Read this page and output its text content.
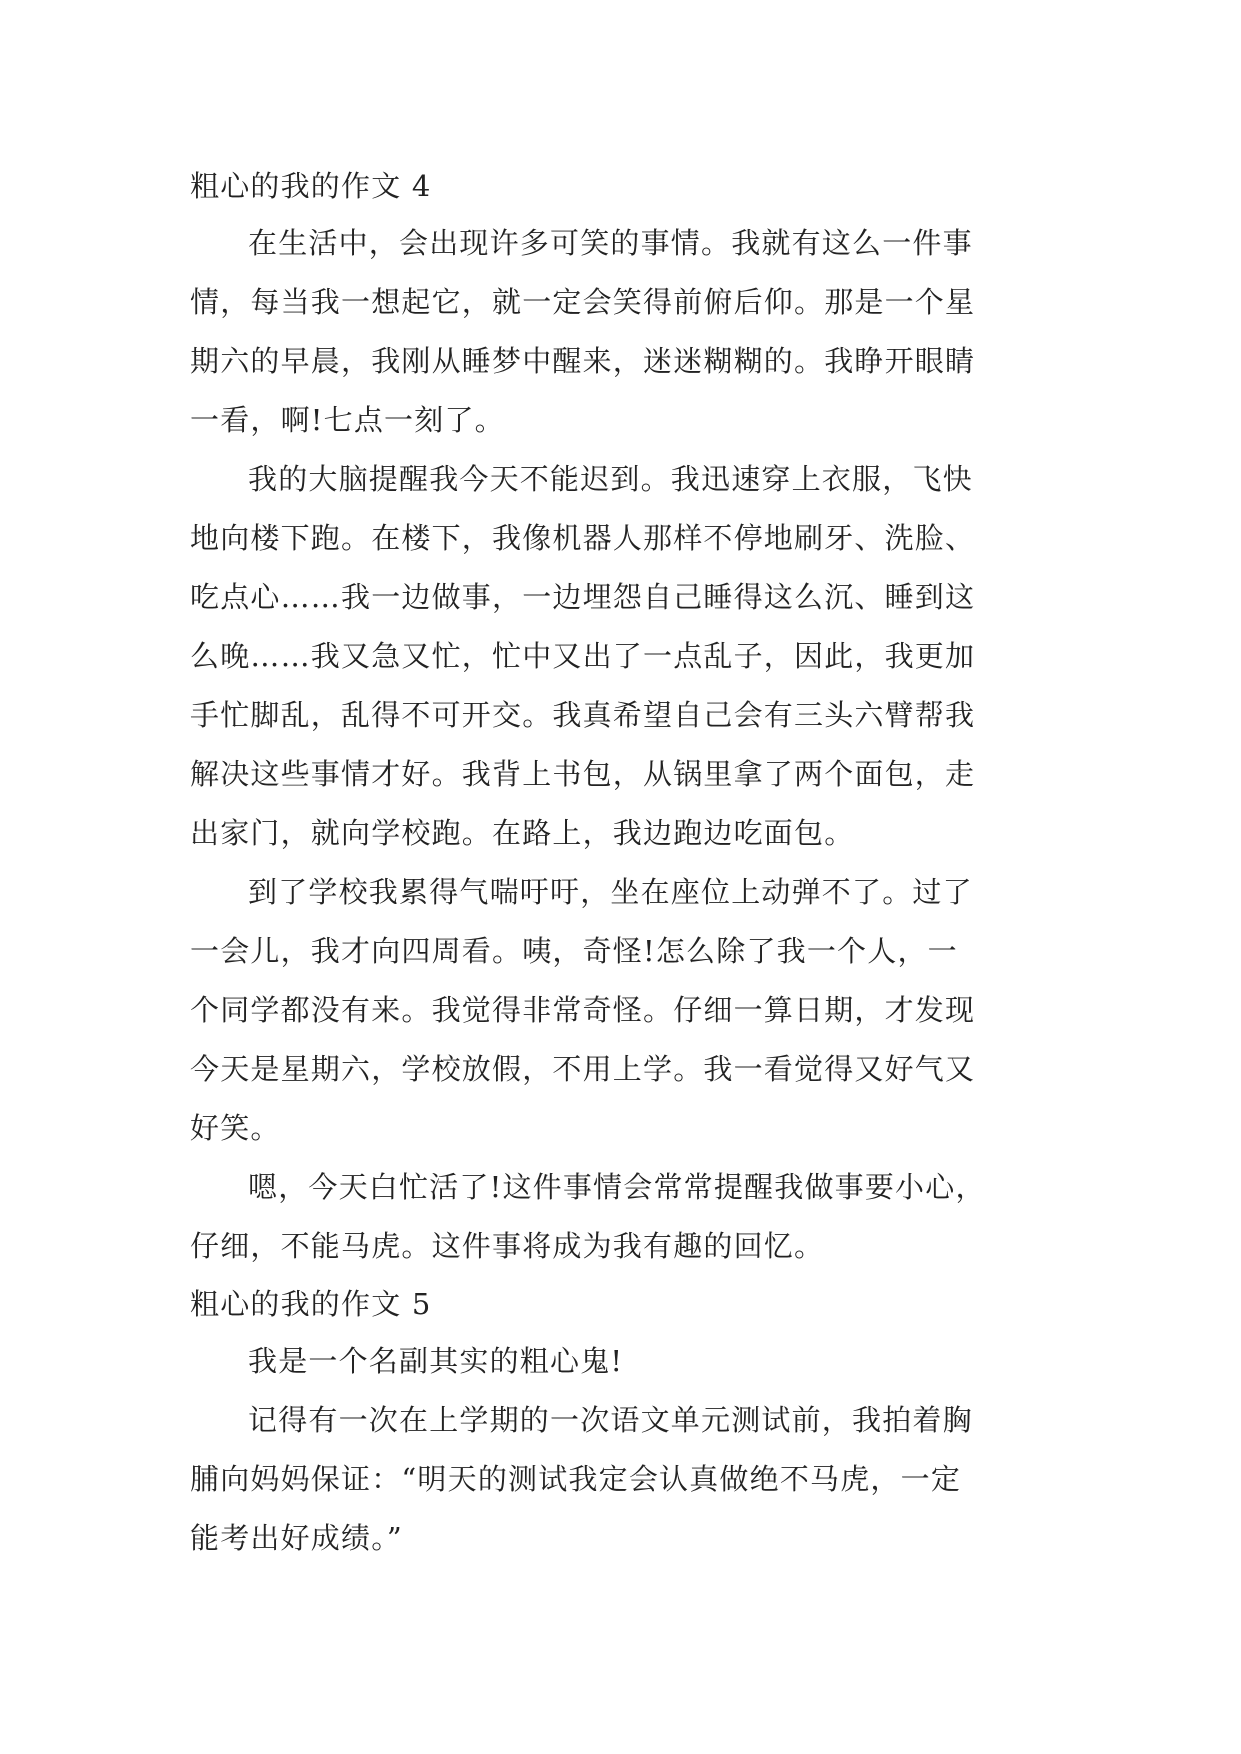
粗心的我的作文 4

在生活中，会出现许多可笑的事情。我就有这么一件事
情，每当我一想起它，就一定会笑得前俯后仰。那是一个星
期六的早晨，我刚从睡梦中醒来，迷迷糊糊的。我睁开眼睛
一看，啊!七点一刻了。

我的大脑提醒我今天不能迟到。我迅速穿上衣服，飞快
地向楼下跑。在楼下，我像机器人那样不停地刷牙、洗脸、
吃点心……我一边做事，一边埋怨自己睡得这么沉、睡到这
么晚……我又急又忙，忙中又出了一点乱子，因此，我更加
手忙脚乱，乱得不可开交。我真希望自己会有三头六臂帮我
解决这些事情才好。我背上书包，从锅里拿了两个面包，走
出家门，就向学校跑。在路上，我边跑边吃面包。

到了学校我累得气喘吁吁，坐在座位上动弹不了。过了
一会儿，我才向四周看。咦，奇怪!怎么除了我一个人，一
个同学都没有来。我觉得非常奇怪。仔细一算日期，才发现
今天是星期六，学校放假，不用上学。我一看觉得又好气又
好笑。

嗯，今天白忙活了!这件事情会常常提醒我做事要小心，
仔细，不能马虎。这件事将成为我有趣的回忆。

粗心的我的作文 5

我是一个名副其实的粗心鬼!

记得有一次在上学期的一次语文单元测试前，我拍着胸
脯向妈妈保证：“明天的测试我定会认真做绝不马虎，一定
能考出好成绩。”
